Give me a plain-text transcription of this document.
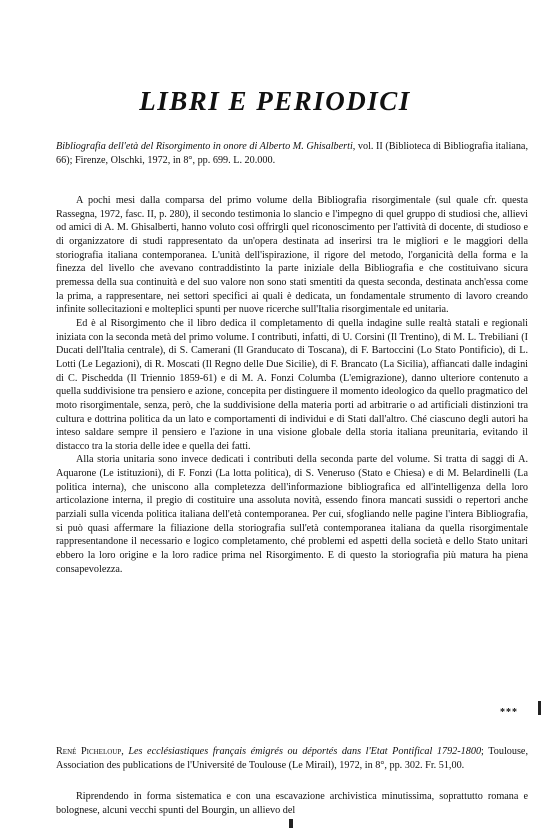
LIBRI E PERIODICI

Bibliografia dell'età del Risorgimento in onore di Alberto M. Ghisalberti, vol. II (Biblioteca di Bibliografia italiana, 66); Firenze, Olschki, 1972, in 8°, pp. 699. L. 20.000.

A pochi mesi dalla comparsa del primo volume della Bibliografia risorgimentale (sul quale cfr. questa Rassegna, 1972, fasc. II, p. 280), il secondo testimonia lo slancio e l'impegno di quel gruppo di studiosi che, allievi od amici di A. M. Ghisalberti, hanno voluto così offrirgli quel riconoscimento per l'attività di docente, di studioso e di organizzatore di studi rappresentato da un'opera destinata ad inserirsi tra le migliori e le maggiori della storiografia italiana contemporanea. L'unità dell'ispirazione, il rigore del metodo, l'organicità della forma e la finezza del livello che avevano contraddistinto la parte iniziale della Bibliografia e che costituivano sicura premessa della sua continuità e del suo valore non sono stati smentiti da questa seconda, destinata anch'essa come la prima, a rappresentare, nei settori specifici ai quali è dedicata, un fondamentale strumento di lavoro creando infinite sollecitazioni e molteplici spunti per nuove ricerche sull'Italia risorgimentale ed unitaria.

Ed è al Risorgimento che il libro dedica il completamento di quella indagine sulle realtà statali e regionali iniziata con la seconda metà del primo volume. I contributi, infatti, di U. Corsini (Il Trentino), di M. L. Trebiliani (I Ducati dell'Italia centrale), di S. Camerani (Il Granducato di Toscana), di F. Bartoccini (Lo Stato Pontificio), di L. Lotti (Le Legazioni), di R. Moscati (Il Regno delle Due Sicilie), di F. Brancato (La Sicilia), affiancati dalle indagini di C. Pischedda (Il Triennio 1859-61) e di M. A. Fonzi Columba (L'emigrazione), danno ulteriore contenuto a quella suddivisione tra pensiero e azione, concepita per distinguere il momento ideologico da quello pragmatico del moto risorgimentale, senza, però, che la suddivisione della materia porti ad arbitrarie o ad artificiali distinzioni tra cultura e dottrina politica da un lato e comportamenti di individui e di Stati dall'altro. Ché ciascuno degli autori ha inteso saldare sempre il pensiero e l'azione in una visione globale della storia italiana preunitaria, evitando il distacco tra la storia delle idee e quella dei fatti.

Alla storia unitaria sono invece dedicati i contributi della seconda parte del volume. Si tratta di saggi di A. Aquarone (Le istituzioni), di F. Fonzi (La lotta politica), di S. Veneruso (Stato e Chiesa) e di M. Belardinelli (La politica interna), che uniscono alla completezza dell'informazione bibliografica ed all'intelligenza della loro articolazione interna, il pregio di costituire una assoluta novità, essendo finora mancati sussidi o repertori anche parziali sulla vicenda politica italiana dell'età contemporanea. Per cui, sfogliando nelle pagine l'intera Bibliografia, si può quasi affermare la filiazione della storiografia sull'età contemporanea italiana da quella risorgimentale rappresentandone il necessario e logico completamento, ché problemi ed aspetti della società e dello Stato unitari ebbero la loro origine e la loro radice prima nel Risorgimento. E di questo la storiografia più matura ha piena consapevolezza.

***

René Picheloup, Les ecclésiastiques français émigrés ou déportés dans l'Etat Pontifical 1792-1800; Toulouse, Association des publications de l'Université de Toulouse (Le Mirail), 1972, in 8°, pp. 302. Fr. 51,00.

Riprendendo in forma sistematica e con una escavazione archivistica minutissima, soprattutto romana e bolognese, alcuni vecchi spunti del Bourgin, un allievo del
